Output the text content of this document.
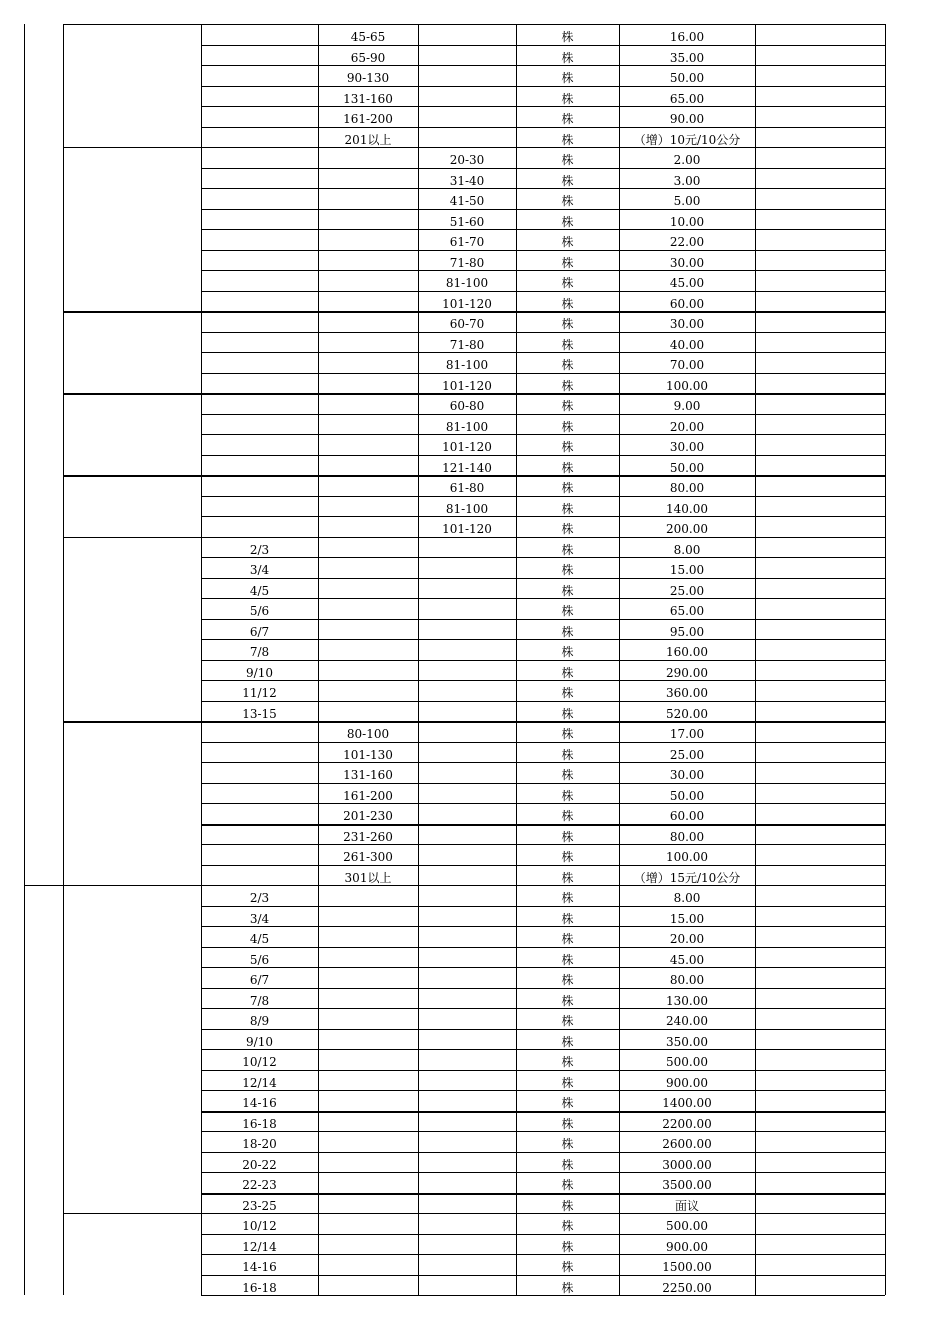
45-65	株	16.00
65-90	株	35.00
90-130	株	50.00
131-160	株	65.00
161-200	株	90.00
201以上	株	（增）10元/10公分
20-30	株	2.00
31-40	株	3.00
41-50	株	5.00
51-60	株	10.00
61-70	株	22.00
71-80	株	30.00
81-100	株	45.00
101-120	株	60.00
60-70	株	30.00
71-80	株	40.00
81-100	株	70.00
101-120	株	100.00
60-80	株	9.00
81-100	株	20.00
101-120	株	30.00
121-140	株	50.00
61-80	株	80.00
81-100	株	140.00
101-120	株	200.00
2/3	株	8.00
3/4	株	15.00
4/5	株	25.00
5/6	株	65.00
6/7	株	95.00
7/8	株	160.00
9/10	株	290.00
11/12	株	360.00
13-15	株	520.00
80-100	株	17.00
101-130	株	25.00
131-160	株	30.00
161-200	株	50.00
201-230	株	60.00
231-260	株	80.00
261-300	株	100.00
301以上	株	（增）15元/10公分
2/3	株	8.00
3/4	株	15.00
4/5	株	20.00
5/6	株	45.00
6/7	株	80.00
7/8	株	130.00
8/9	株	240.00
9/10	株	350.00
10/12	株	500.00
12/14	株	900.00
14-16	株	1400.00
16-18	株	2200.00
18-20	株	2600.00
20-22	株	3000.00
22-23	株	3500.00
23-25	株	面议
10/12	株	500.00
12/14	株	900.00
14-16	株	1500.00
16-18	株	2250.00
